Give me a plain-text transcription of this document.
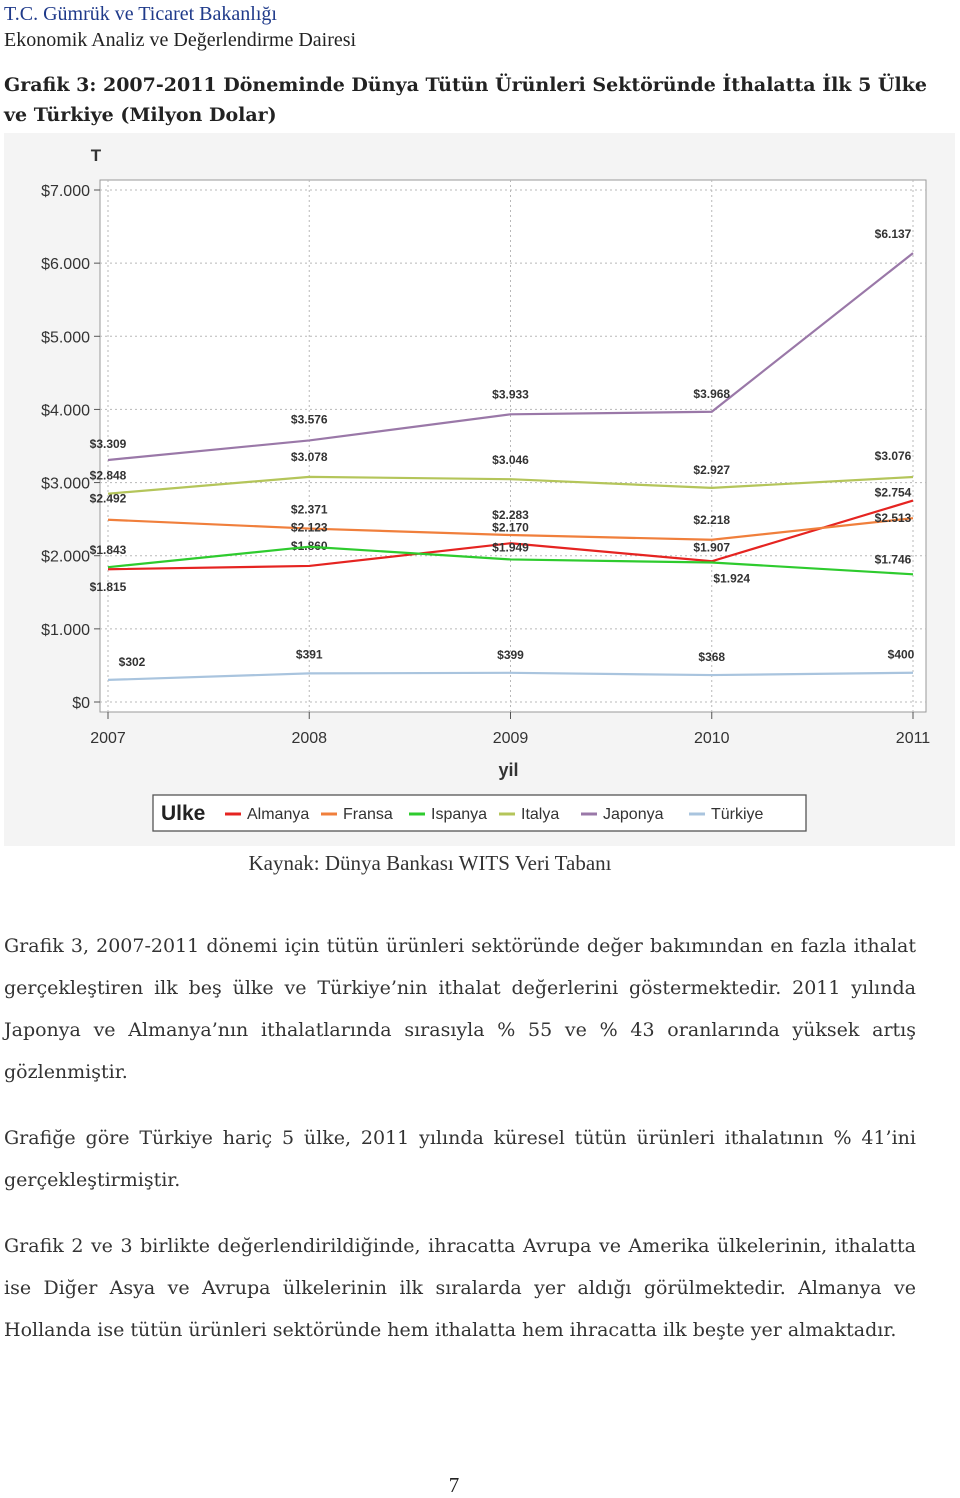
T.C. Gümrük ve Ticaret Bakanlığı
Ekonomik Analiz ve Değerlendirme Dairesi
Grafik 3: 2007-2011 Döneminde Dünya Tütün Ürünleri Sektöründe İthalatta İlk 5 Ülke ve Türkiye (Milyon Dolar)
$0
$1.000
$2.000
$3.000
$4.000
$5.000
$6.000
$7.000
2007	2008	2009	2010	2011
T
yil
$1.815
$1.860
$2.170
$1.924
$2.754
$2.492
$2.371	$2.283	$2.218	$2.513
$1.843
$2.123
$1.949	$1.907
$1.746
$2.848
$3.078	$3.046
$2.927
$3.076
$3.309
$3.576
$3.933	$3.968
$6.137
$302
$391	$399	$368	$400
Ulke	Almanya Fransa Ispanya Italya	Japonya	Türkiye
Kaynak: Dünya Bankası WITS Veri Tabanı
Grafik 3, 2007-2011 dönemi için tütün ürünleri sektöründe değer bakımından en fazla ithalat gerçekleştiren ilk beş ülke ve Türkiye’nin ithalat değerlerini göstermektedir. 2011 yılında Japonya ve Almanya’nın ithalatlarında sırasıyla % 55 ve % 43 oranlarında yüksek artış gözlenmiştir.
Grafiğe göre Türkiye hariç 5 ülke, 2011 yılında küresel tütün ürünleri ithalatının % 41’ini gerçekleştirmiştir.
Grafik 2 ve 3 birlikte değerlendirildiğinde, ihracatta Avrupa ve Amerika ülkelerinin, ithalatta ise Diğer Asya ve Avrupa ülkelerinin ilk sıralarda yer aldığı görülmektedir. Almanya ve Hollanda ise tütün ürünleri sektöründe hem ithalatta hem ihracatta ilk beşte yer almaktadır.
7
